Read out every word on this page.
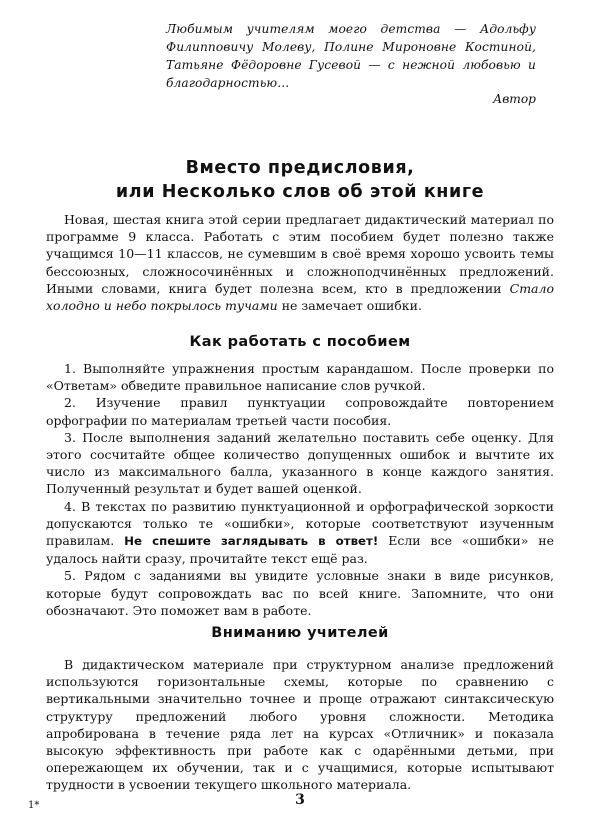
Любимым учителям моего детства — Адольфу Филипповичу Молеву, Полине Мироновне Костиной, Татьяне Фёдоровне Гусевой — с нежной любовью и благодарностью...
Автор
Вместо предисловия,
или Несколько слов об этой книге

Новая, шестая книга этой серии предлагает дидактический материал по программе 9 класса. Работать с этим пособием будет полезно также учащимся 10—11 классов, не сумевшим в своё время хорошо усвоить темы бессоюзных, сложносочинённых и сложноподчинённых предложений. Иными словами, книга будет полезна всем, кто в предложении Стало холодно и небо покрылось тучами не замечает ошибки.

Как работать с пособием

1. Выполняйте упражнения простым карандашом. После проверки по «Ответам» обведите правильное написание слов ручкой.

2. Изучение правил пунктуации сопровождайте повторением орфографии по материалам третьей части пособия.

3. После выполнения заданий желательно поставить себе оценку. Для этого сосчитайте общее количество допущенных ошибок и вычтите их число из максимального балла, указанного в конце каждого занятия. Полученный результат и будет вашей оценкой.

4. В текстах по развитию пунктуационной и орфографической зоркости допускаются только те «ошибки», которые соответствуют изученным правилам. Не спешите заглядывать в ответ! Если все «ошибки» не удалось найти сразу, прочитайте текст ещё раз.

5. Рядом с заданиями вы увидите условные знаки в виде рисунков, которые будут сопровождать вас по всей книге. Запомните, что они обозначают. Это поможет вам в работе.

Вниманию учителей

В дидактическом материале при структурном анализе предложений используются горизонтальные схемы, которые по сравнению с вертикальными значительно точнее и проще отражают синтаксическую структуру предложений любого уровня сложности. Методика апробирована в течение ряда лет на курсах «Отличник» и показала высокую эффективность при работе как с одарёнными детьми, при опережающем их обучении, так и с учащимися, которые испытывают трудности в усвоении текущего школьного материала.

1*	3
